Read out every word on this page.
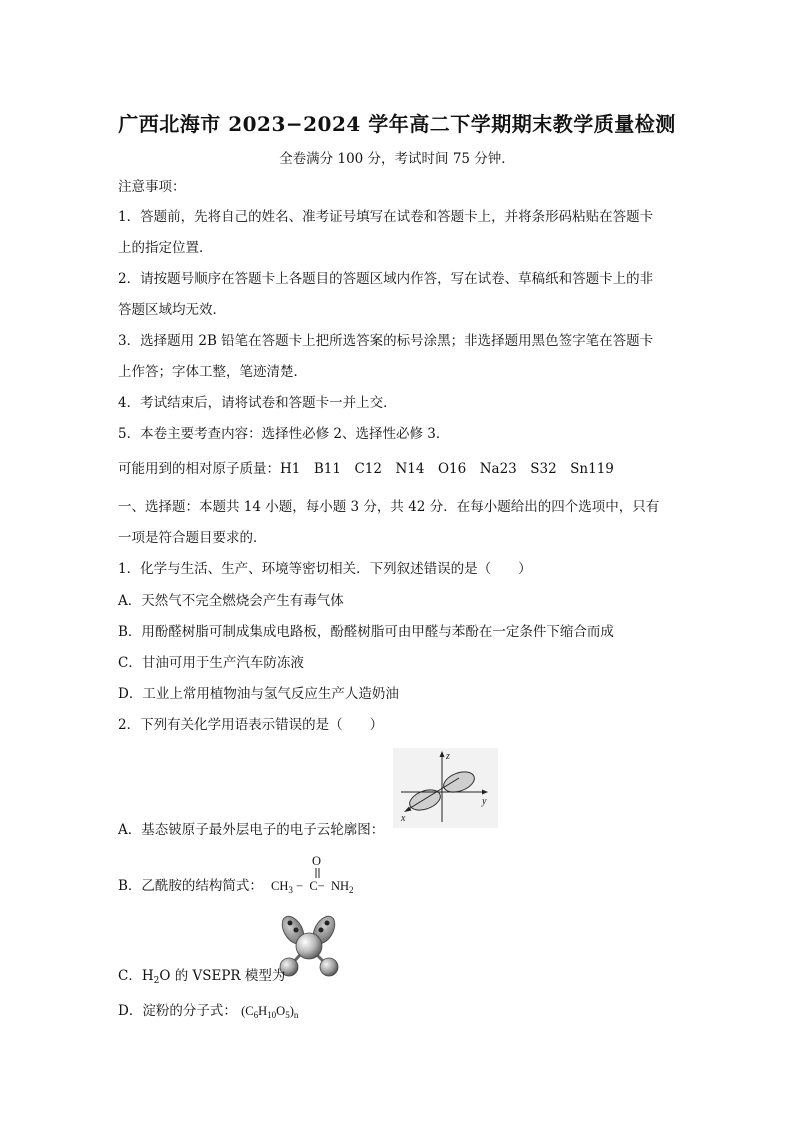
广西北海市 2023−2024 学年高二下学期期末教学质量检测
全卷满分 100 分，考试时间 75 分钟．
注意事项：
1．答题前，先将自己的姓名、准考证号填写在试卷和答题卡上，并将条形码粘贴在答题卡
上的指定位置．
2．请按题号顺序在答题卡上各题目的答题区域内作答，写在试卷、草稿纸和答题卡上的非
答题区域均无效．
3．选择题用 2B 铅笔在答题卡上把所选答案的标号涂黑；非选择题用黑色签字笔在答题卡
上作答；字体工整，笔迹清楚．
4．考试结束后，请将试卷和答题卡一并上交．
5．本卷主要考查内容：选择性必修 2、选择性必修 3．
可能用到的相对原子质量：H1　B11　C12　N14　O16　Na23　S32　Sn119
一、选择题：本题共 14 小题，每小题 3 分，共 42 分．在每小题给出的四个选项中，只有
一项是符合题目要求的．
1．化学与生活、生产、环境等密切相关．下列叙述错误的是（　　）
A．天然气不完全燃烧会产生有毒气体
B．用酚醛树脂可制成集成电路板，酚醛树脂可由甲醛与苯酚在一定条件下缩合而成
C．甘油可用于生产汽车防冻液
D．工业上常用植物油与氢气反应生产人造奶油
2．下列有关化学用语表示错误的是（　　）
z
y
x
A．基态铍原子最外层电子的电子云轮廓图：
B．乙酰胺的结构简式：
O
$CH_3 - C- NH_2$
C．$H_2O$ 的 VSEPR 模型为
D．淀粉的分子式： $(C_6H_{10}O_5)_n$
